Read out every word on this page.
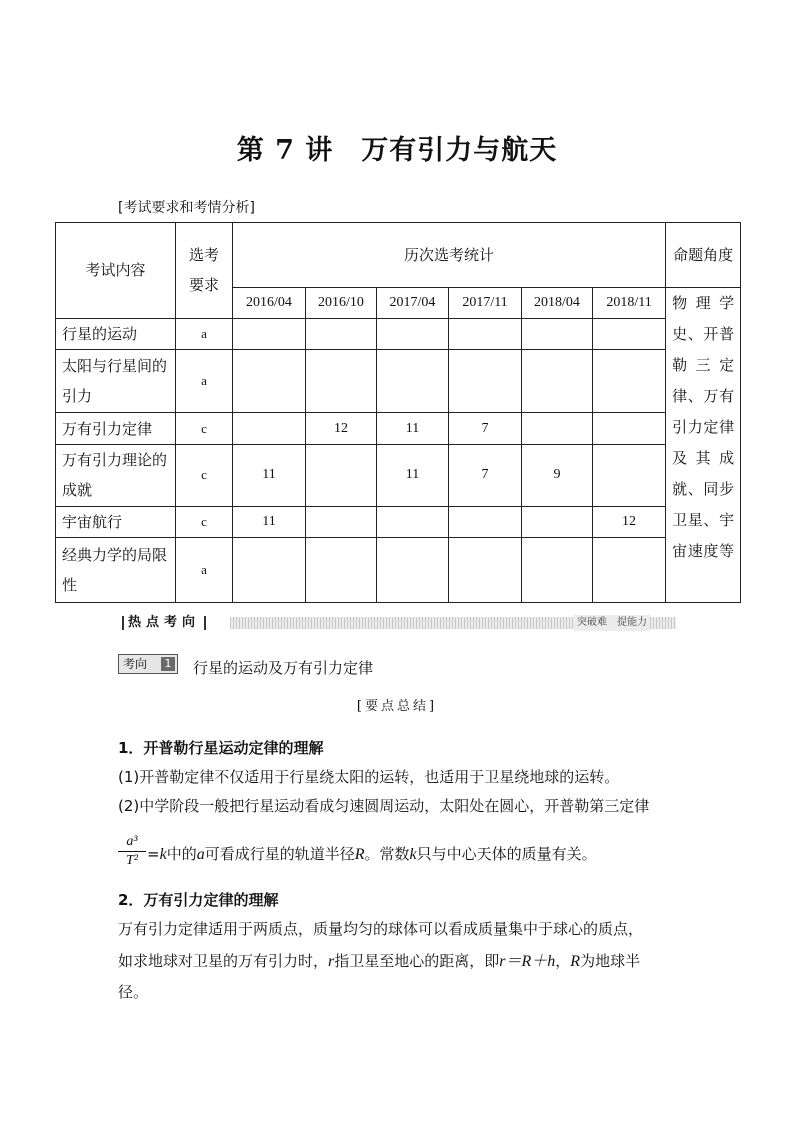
第 7 讲　万有引力与航天
[考试要求和考情分析]
考试内容	选考要求	历次选考统计						命题角度
		2016/04	2016/10	2017/04	2017/11	2018/04	2018/11	物理学史、开普勒三定律、万有引力定律及其成就、同步卫星、宇宙速度等
行星的运动	a							
太阳与行星间的引力	a							
万有引力定律	c		12	11	7			
万有引力理论的成就	c	11		11	7	9		
宇宙航行	c	11					12	
经典力学的局限性	a							
热点考向	突破难　提能力
考向	1 行星的运动及万有引力定律
[要点总结]
1．开普勒行星运动定律的理解
(1)开普勒定律不仅适用于行星绕太阳的运转，也适用于卫星绕地球的运转。
(2)中学阶段一般把行星运动看成匀速圆周运动，太阳处在圆心，开普勒第三定律
a³
T² =k中的a可看成行星的轨道半径R。常数k只与中心天体的质量有关。
2．万有引力定律的理解
万有引力定律适用于两质点，质量均匀的球体可以看成质量集中于球心的质点，
如求地球对卫星的万有引力时，r指卫星至地心的距离，即r＝R＋h，R为地球半
径。
